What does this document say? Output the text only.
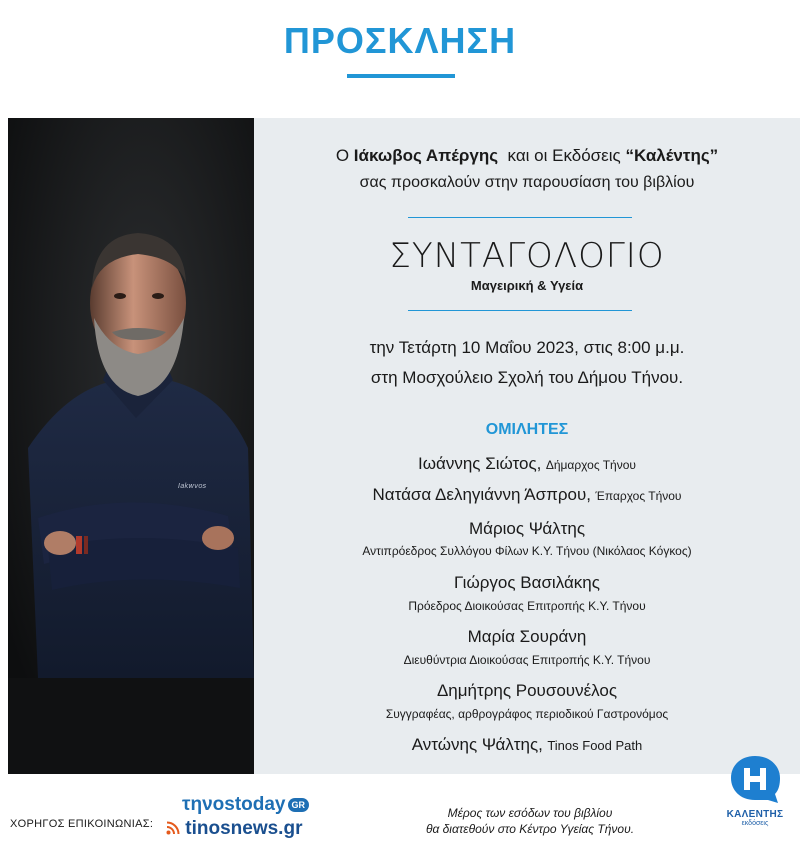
ΠΡΟΣΚΛΗΣΗ
Iakwvos
Ο Ιάκωβος Απέργης  και οι Εκδόσεις “Καλέντης”
σας προσκαλούν στην παρουσίαση του βιβλίου
ΣΥΝΤΑΓΟΛΟΓΙΟ
Μαγειρική & Υγεία
την Τετάρτη 10 Μαΐου 2023, στις 8:00 μ.μ.
στη Μοσχούλειο Σχολή του Δήμου Τήνου.
ΟΜΙΛΗΤΕΣ
Ιωάννης Σιώτος, Δήμαρχος Τήνου
Νατάσα Δεληγιάννη Άσπρου, Έπαρχος Τήνου
Μάριος Ψάλτης
Αντιπρόεδρος Συλλόγου Φίλων Κ.Υ. Τήνου (Νικόλαος Κόγκος)
Γιώργος Βασιλάκης
Πρόεδρος Διοικούσας Επιτροπής Κ.Υ. Τήνου
Μαρία Σουράνη
Διευθύντρια Διοικούσας Επιτροπής Κ.Υ. Τήνου
Δημήτρης Ρουσουνέλος
Συγγραφέας, αρθρογράφος περιοδικού Γαστρονόμος
Αντώνης Ψάλτης, Tinos Food Path
ΧΟΡΗΓΟΣ ΕΠΙΚΟΙΝΩΝΙΑΣ:
τηνοstoday GR
tinosnews.gr
Μέρος των εσόδων του βιβλίου
θα διατεθούν στο Κέντρο Υγείας Τήνου.
ΚΑΛΕΝΤΗΣ
εκδόσεις
